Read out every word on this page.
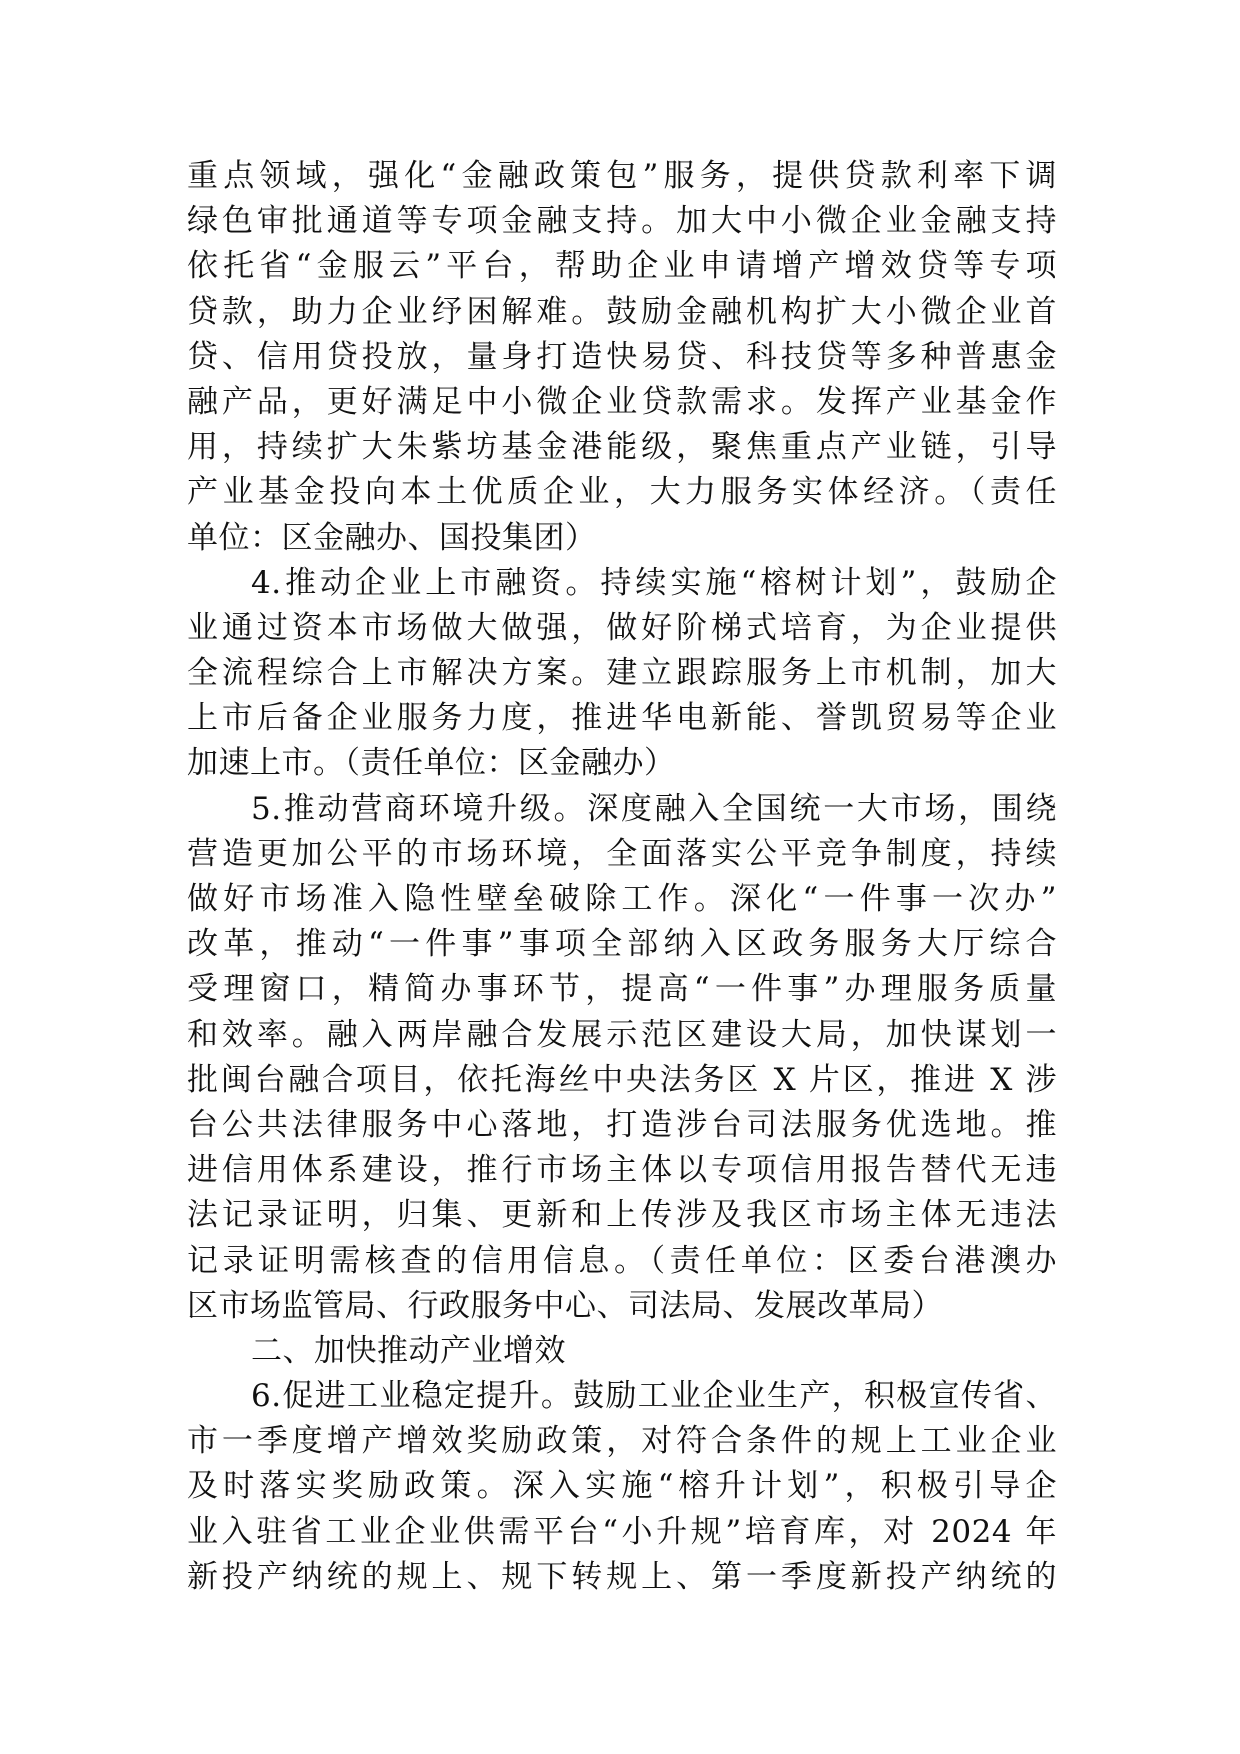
重点领域，强化“金融政策包”服务，提供贷款利率下调
绿色审批通道等专项金融支持。加大中小微企业金融支持
依托省“金服云”平台，帮助企业申请增产增效贷等专项
贷款，助力企业纾困解难。鼓励金融机构扩大小微企业首
贷、信用贷投放，量身打造快易贷、科技贷等多种普惠金
融产品，更好满足中小微企业贷款需求。发挥产业基金作
用，持续扩大朱紫坊基金港能级，聚焦重点产业链，引导
产业基金投向本土优质企业，大力服务实体经济。（责任
单位：区金融办、国投集团）
4.推动企业上市融资。持续实施“榕树计划”，鼓励企
业通过资本市场做大做强，做好阶梯式培育，为企业提供
全流程综合上市解决方案。建立跟踪服务上市机制，加大
上市后备企业服务力度，推进华电新能、誉凯贸易等企业
加速上市。（责任单位：区金融办）
5.推动营商环境升级。深度融入全国统一大市场，围绕
营造更加公平的市场环境，全面落实公平竞争制度，持续
做好市场准入隐性壁垒破除工作。深化“一件事一次办”
改革，推动“一件事”事项全部纳入区政务服务大厅综合
受理窗口，精简办事环节，提高“一件事”办理服务质量
和效率。融入两岸融合发展示范区建设大局，加快谋划一
批闽台融合项目，依托海丝中央法务区 X 片区，推进 X 涉
台公共法律服务中心落地，打造涉台司法服务优选地。推
进信用体系建设，推行市场主体以专项信用报告替代无违
法记录证明，归集、更新和上传涉及我区市场主体无违法
记录证明需核查的信用信息。（责任单位：区委台港澳办
区市场监管局、行政服务中心、司法局、发展改革局）
二、加快推动产业增效
6.促进工业稳定提升。鼓励工业企业生产，积极宣传省、
市一季度增产增效奖励政策，对符合条件的规上工业企业
及时落实奖励政策。深入实施“榕升计划”，积极引导企
业入驻省工业企业供需平台“小升规”培育库，对 2024 年
新投产纳统的规上、规下转规上、第一季度新投产纳统的
